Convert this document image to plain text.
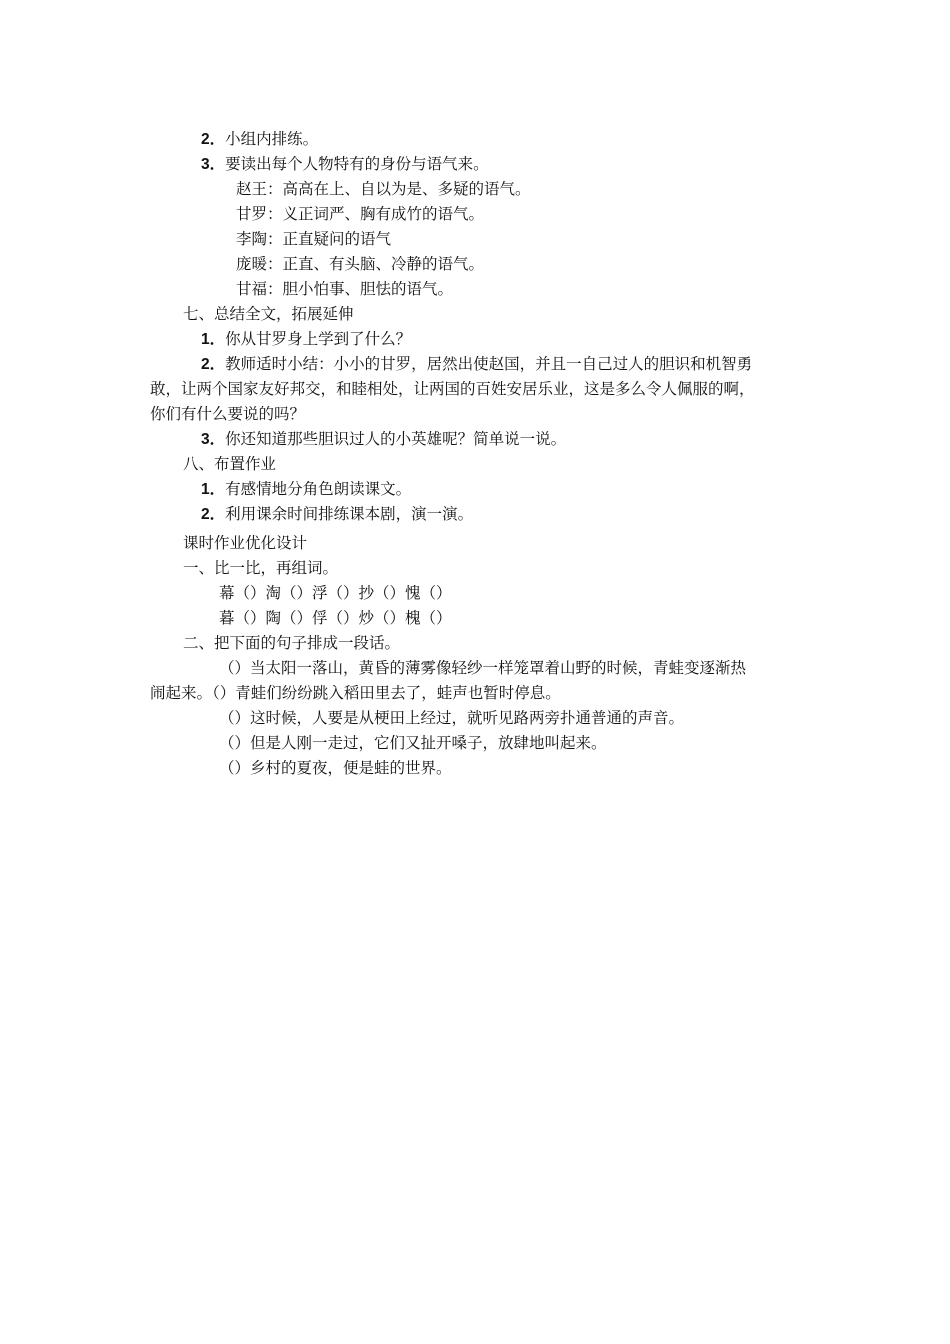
2．小组内排练。
3．要读出每个人物特有的身份与语气来。
赵王：高高在上、自以为是、多疑的语气。
甘罗：义正词严、胸有成竹的语气。
李陶：正直疑问的语气
庞暖：正直、有头脑、冷静的语气。
甘福：胆小怕事、胆怯的语气。
七、总结全文，拓展延伸
1．你从甘罗身上学到了什么？
2．教师适时小结：小小的甘罗，居然出使赵国，并且一自己过人的胆识和机智勇
敢，让两个国家友好邦交，和睦相处，让两国的百姓安居乐业，这是多么令人佩服的啊，
你们有什么要说的吗？
3．你还知道那些胆识过人的小英雄呢？简单说一说。
八、布置作业
1．有感情地分角色朗读课文。
2．利用课余时间排练课本剧，演一演。
课时作业优化设计
一、比一比，再组词。
幕（）淘（）浮（）抄（）愧（）
暮（）陶（）俘（）炒（）槐（）
二、把下面的句子排成一段话。
（）当太阳一落山，黄昏的薄雾像轻纱一样笼罩着山野的时候，青蛙变逐渐热
闹起来。（）青蛙们纷纷跳入稻田里去了，蛙声也暂时停息。
（）这时候，人要是从梗田上经过，就听见路两旁扑通普通的声音。
（）但是人刚一走过，它们又扯开嗓子，放肆地叫起来。
（）乡村的夏夜，便是蛙的世界。
